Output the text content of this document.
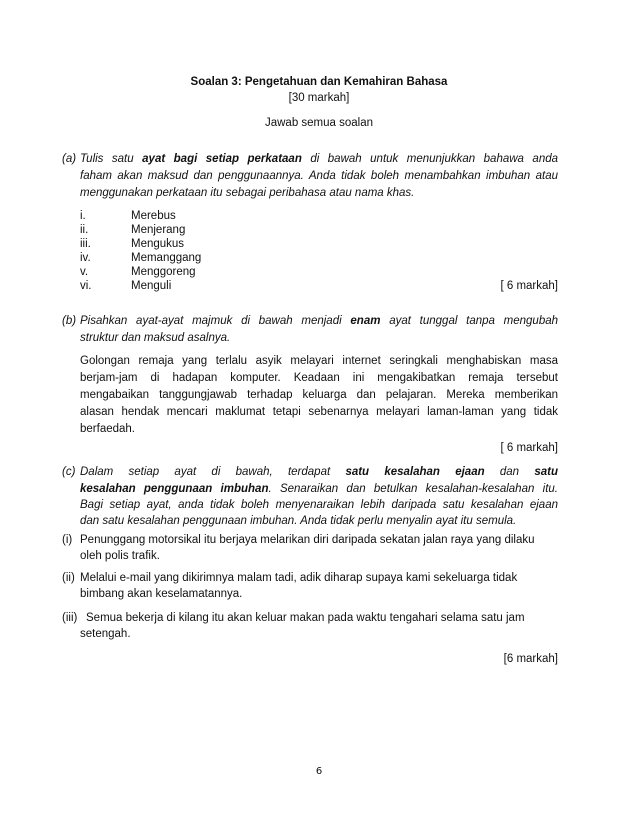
Soalan 3: Pengetahuan dan Kemahiran Bahasa
[30 markah]
Jawab semua soalan
(a) Tulis satu ayat bagi setiap perkataan di bawah untuk menunjukkan bahawa anda
faham akan maksud dan penggunaannya. Anda tidak boleh menambahkan imbuhan atau
menggunakan perkataan itu sebagai peribahasa atau nama khas.
i.	Merebus
ii.	Menjerang
iii.	Mengukus
iv.	Memanggang
v.	Menggoreng
vi.	Menguli	[ 6 markah]
(b) Pisahkan ayat-ayat majmuk di bawah menjadi enam ayat tunggal tanpa mengubah
struktur dan maksud asalnya.
Golongan remaja yang terlalu asyik melayari internet seringkali menghabiskan masa
berjam-jam di hadapan komputer. Keadaan ini mengakibatkan remaja tersebut
mengabaikan tanggungjawab terhadap keluarga dan pelajaran. Mereka memberikan
alasan hendak mencari maklumat tetapi sebenarnya melayari laman-laman yang tidak
berfaedah.
[ 6 markah]
(c) Dalam setiap ayat di bawah, terdapat satu kesalahan ejaan dan satu
kesalahan penggunaan imbuhan. Senaraikan dan betulkan kesalahan-kesalahan itu.
Bagi setiap ayat, anda tidak boleh menyenaraikan lebih daripada satu kesalahan ejaan
dan satu kesalahan penggunaan imbuhan. Anda tidak perlu menyalin ayat itu semula.
(i) Penunggang motorsikal itu berjaya melarikan diri daripada sekatan jalan raya yang dilaku
oleh polis trafik.
(ii) Melalui e-mail yang dikirimnya malam tadi, adik diharap supaya kami sekeluarga tidak
bimbang akan keselamatannya.
(iii) Semua bekerja di kilang itu akan keluar makan pada waktu tengahari selama satu jam
setengah.
[6 markah]
6
